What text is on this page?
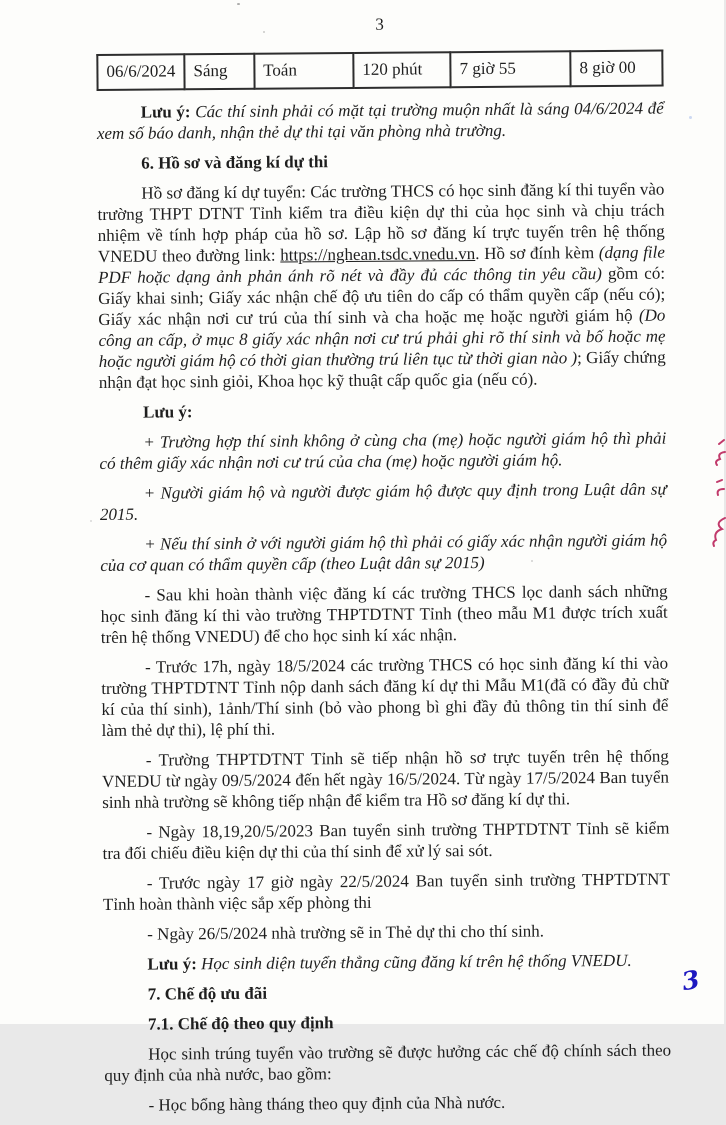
3
06/6/2024	Sáng	Toán	120 phút	7 giờ 55	8 giờ 00

Lưu ý: Các thí sinh phải có mặt tại trường muộn nhất là sáng 04/6/2024 để xem số báo danh, nhận thẻ dự thi tại văn phòng nhà trường.

6. Hồ sơ và đăng kí dự thi

Hồ sơ đăng kí dự tuyển: Các trường THCS có học sinh đăng kí thi tuyển vào trường THPT DTNT Tỉnh kiểm tra điều kiện dự thi của học sinh và chịu trách nhiệm về tính hợp pháp của hồ sơ. Lập hồ sơ đăng kí trực tuyến trên hệ thống VNEDU theo đường link: https://nghean.tsdc.vnedu.vn. Hồ sơ đính kèm (dạng file PDF hoặc dạng ảnh phản ánh rõ nét và đầy đủ các thông tin yêu cầu) gồm có: Giấy khai sinh; Giấy xác nhận chế độ ưu tiên do cấp có thẩm quyền cấp (nếu có); Giấy xác nhận nơi cư trú của thí sinh và cha hoặc mẹ hoặc người giám hộ (Do công an cấp, ở mục 8 giấy xác nhận nơi cư trú phải ghi rõ thí sinh và bố hoặc mẹ hoặc người giám hộ có thời gian thường trú liên tục từ thời gian nào ); Giấy chứng nhận đạt học sinh giỏi, Khoa học kỹ thuật cấp quốc gia (nếu có).

Lưu ý:

+ Trường hợp thí sinh không ở cùng cha (mẹ) hoặc người giám hộ thì phải có thêm giấy xác nhận nơi cư trú của cha (mẹ) hoặc người giám hộ.

+ Người giám hộ và người được giám hộ được quy định trong Luật dân sự 2015.

+ Nếu thí sinh ở với người giám hộ thì phải có giấy xác nhận người giám hộ của cơ quan có thẩm quyền cấp (theo Luật dân sự 2015)

- Sau khi hoàn thành việc đăng kí các trường THCS lọc danh sách những học sinh đăng kí thi vào trường THPTDTNT Tỉnh (theo mẫu M1 được trích xuất trên hệ thống VNEDU) để cho học sinh kí xác nhận.

- Trước 17h, ngày 18/5/2024 các trường THCS có học sinh đăng kí thi vào trường THPTDTNT Tỉnh nộp danh sách đăng kí dự thi Mẫu M1(đã có đầy đủ chữ kí của thí sinh), 1ảnh/Thí sinh (bỏ vào phong bì ghi đầy đủ thông tin thí sinh để làm thẻ dự thi), lệ phí thi.

- Trường THPTDTNT Tỉnh sẽ tiếp nhận hồ sơ trực tuyến trên hệ thống VNEDU từ ngày 09/5/2024 đến hết ngày 16/5/2024. Từ ngày 17/5/2024 Ban tuyển sinh nhà trường sẽ không tiếp nhận để kiểm tra Hồ sơ đăng kí dự thi.

- Ngày 18,19,20/5/2023 Ban tuyển sinh trường THPTDTNT Tỉnh sẽ kiểm tra đối chiếu điều kiện dự thi của thí sinh để xử lý sai sót.

- Trước ngày 17 giờ ngày 22/5/2024 Ban tuyển sinh trường THPTDTNT Tỉnh hoàn thành việc sắp xếp phòng thi

- Ngày 26/5/2024 nhà trường sẽ in Thẻ dự thi cho thí sinh.

Lưu ý: Học sinh diện tuyển thẳng cũng đăng kí trên hệ thống VNEDU.

7. Chế độ ưu đãi

7.1. Chế độ theo quy định

Học sinh trúng tuyển vào trường sẽ được hưởng các chế độ chính sách theo quy định của nhà nước, bao gồm:

- Học bổng hàng tháng theo quy định của Nhà nước.

3
